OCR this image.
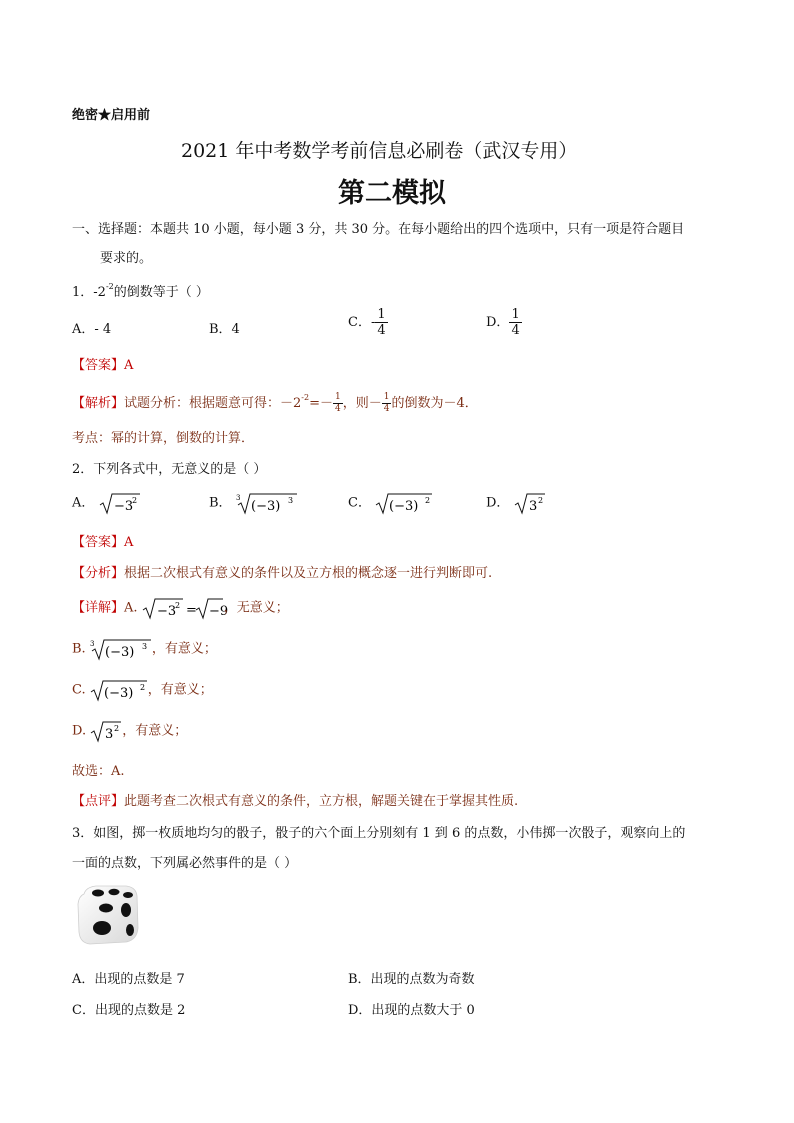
绝密★启用前
2021 年中考数学考前信息必刷卷（武汉专用）
第二模拟
一、选择题：本题共 10 小题，每小题 3 分，共 30 分。在每小题给出的四个选项中，只有一项是符合题目
要求的。
1．$-2^{-2}$的倒数等于（ ）
A．- 4	B．4	C．- $\frac{1}{4}$	D． $\frac{1}{4}$
【答案】A
【解析】试题分析：根据题意可得：$-2^{-2}=- \frac{1}{4}$ ，则－ $\frac{1}{4}$ 的倒数为－4．
考点：幂的计算，倒数的计算．
2．下列各式中，无意义的是（ ）
A． −3
2	B． 3
(−3) 3	C． (−3) 2	D． 3 2
【答案】A
【分析】根据二次根式有意义的条件以及立方根的概念逐一进行判断即可.
【详解】A. −3
2 = −9
，无意义；
B. 3
(−3) 3 ，有意义；
C. (−3) 2 ，有意义；
D. 3 2 ，有意义；
故选：A.
【点评】此题考查二次根式有意义的条件，立方根，解题关键在于掌握其性质.
3．如图，掷一枚质地均匀的骰子，骰子的六个面上分别刻有 1 到 6 的点数，小伟掷一次骰子，观察向上的
一面的点数，下列属必然事件的是（ ）
A．出现的点数是 7	B．出现的点数为奇数
C．出现的点数是 2	D．出现的点数大于 0
